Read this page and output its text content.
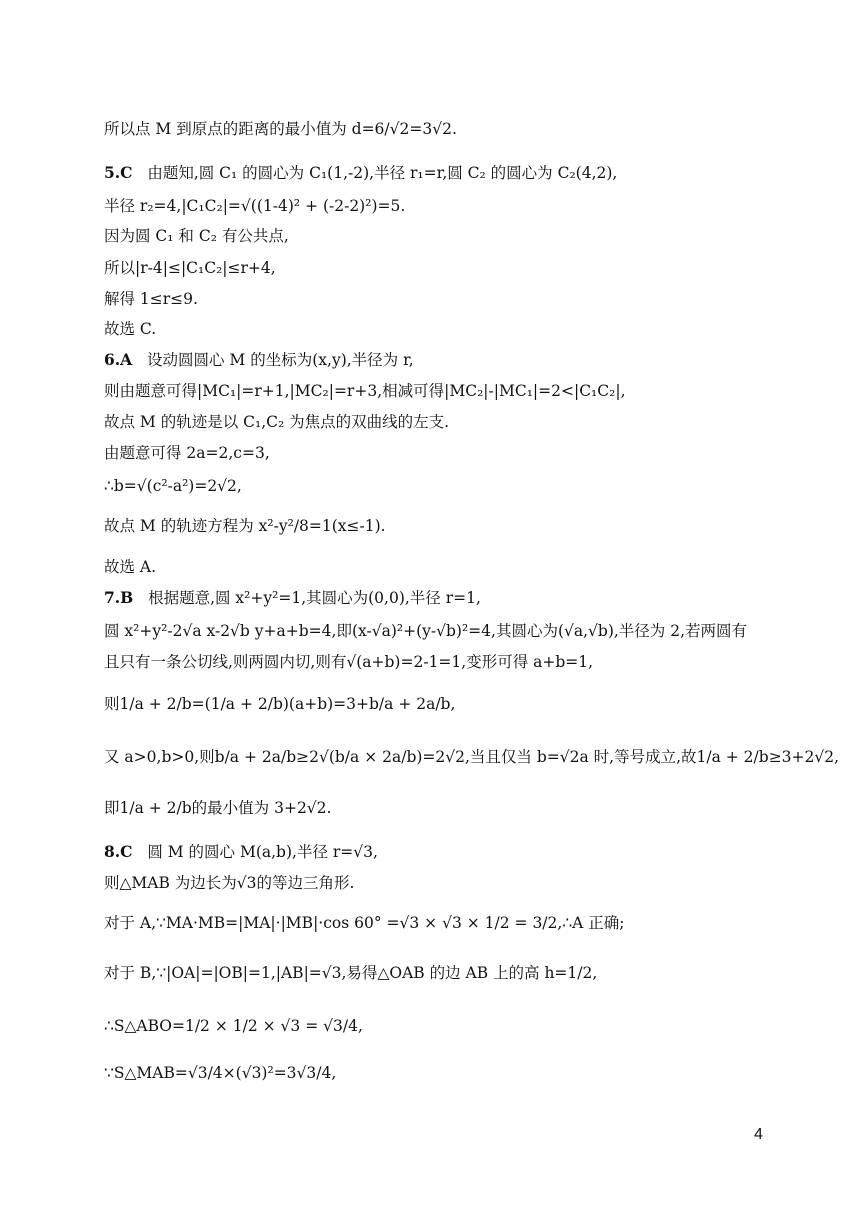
所以点 M 到原点的距离的最小值为 d=6/√2=3√2.
5.C 由题知,圆 C₁ 的圆心为 C₁(1,-2),半径 r₁=r,圆 C₂ 的圆心为 C₂(4,2),
半径 r₂=4,|C₁C₂|=√((1-4)² + (-2-2)²)=5.
因为圆 C₁ 和 C₂ 有公共点,
所以|r-4|≤|C₁C₂|≤r+4,
解得 1≤r≤9.
故选 C.
6.A 设动圆圆心 M 的坐标为(x,y),半径为 r,
则由题意可得|MC₁|=r+1,|MC₂|=r+3,相减可得|MC₂|-|MC₁|=2<|C₁C₂|,
故点 M 的轨迹是以 C₁,C₂ 为焦点的双曲线的左支.
由题意可得 2a=2,c=3,
∴b=√(c²-a²)=2√2,
故点 M 的轨迹方程为 x²-y²/8=1(x≤-1).
故选 A.
7.B 根据题意,圆 x²+y²=1,其圆心为(0,0),半径 r=1,
圆 x²+y²-2√a x-2√b y+a+b=4,即(x-√a)²+(y-√b)²=4,其圆心为(√a,√b),半径为 2,若两圆有
且只有一条公切线,则两圆内切,则有√(a+b)=2-1=1,变形可得 a+b=1,
则1/a + 2/b=(1/a + 2/b)(a+b)=3+b/a + 2a/b,
又 a>0,b>0,则b/a + 2a/b≥2√(b/a × 2a/b)=2√2,当且仅当 b=√2a 时,等号成立,故1/a + 2/b≥3+2√2,
即1/a + 2/b的最小值为 3+2√2.
8.C 圆 M 的圆心 M(a,b),半径 r=√3,
则△MAB 为边长为√3的等边三角形.
对于 A,∵MA·MB=|MA|·|MB|·cos 60° =√3 × √3 × 1/2 = 3/2,∴A 正确;
对于 B,∵|OA|=|OB|=1,|AB|=√3,易得△OAB 的边 AB 上的高 h=1/2,
∴S△ABO=1/2 × 1/2 × √3 = √3/4,
∵S△MAB=√3/4×(√3)²=3√3/4,
4
